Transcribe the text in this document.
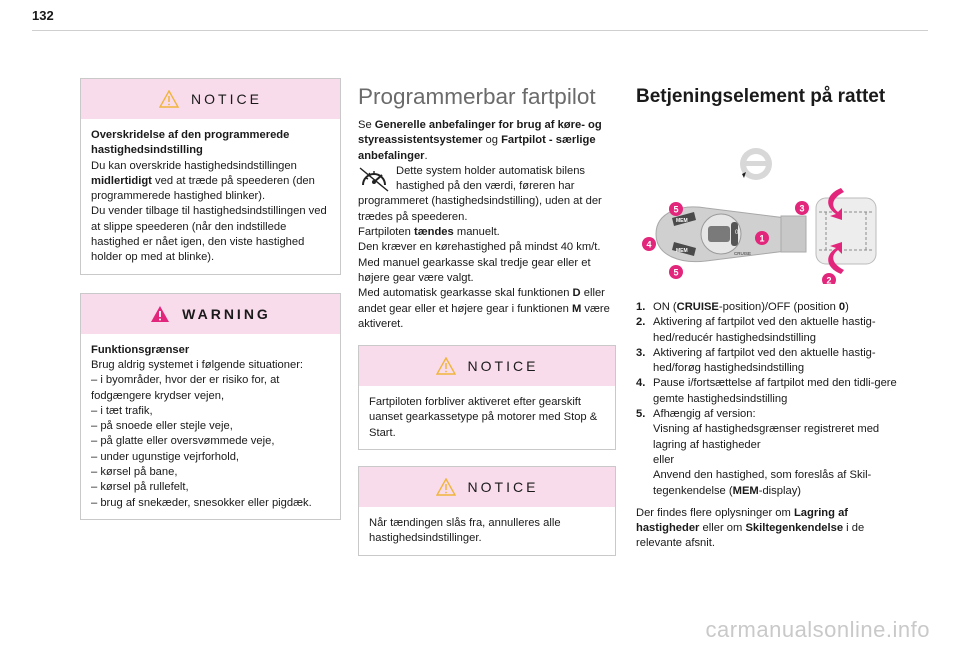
132
NOTICE
Overskridelse af den programmerede hastighedsindstilling
Du kan overskride hastighedsindstillingen midlertidigt ved at træde på speederen (den programmerede hastighed blinker).
Du vender tilbage til hastighedsindstillingen ved at slippe speederen (når den indstillede hastighed er nået igen, den viste hastighed holder op med at blinke).
WARNING
Funktionsgrænser
Brug aldrig systemet i følgende situationer:
– i byområder, hvor der er risiko for, at fodgængere krydser vejen,
– i tæt trafik,
– på snoede eller stejle veje,
– på glatte eller oversvømmede veje,
– under ugunstige vejrforhold,
– kørsel på bane,
– kørsel på rullefelt,
– brug af snekæder, snesokker eller pigdæk.
Programmerbar fartpilot
Se Generelle anbefalinger for brug af køre- og styreassistentsystemer og Fartpilot - særlige anbefalinger.
Dette system holder automatisk bilens hastighed på den værdi, føreren har programmeret (hastighedsindstilling), uden at der trædes på speederen.
Fartpiloten tændes manuelt.
Den kræver en kørehastighed på mindst 40 km/t.
Med manuel gearkasse skal tredje gear eller et højere gear være valgt.
Med automatisk gearkasse skal funktionen D eller andet gear eller et højere gear i funktionen M være aktiveret.
NOTICE
Fartpiloten forbliver aktiveret efter gearskift uanset gearkassetype på motorer med Stop & Start.
NOTICE
Når tændingen slås fra, annulleres alle hastighedsindstillinger.
Betjeningselement på rattet
MEM
MEM	CRUISE
0
1
2
3
4
5
5
1. ON (CRUISE-position)/OFF (position 0)
2. Aktivering af fartpilot ved den aktuelle hastig-hed/reducér hastighedsindstilling
3. Aktivering af fartpilot ved den aktuelle hastig-hed/forøg hastighedsindstilling
4. Pause i/fortsættelse af fartpilot med den tidli-gere gemte hastighedsindstilling
5. Afhængig af version:
Visning af hastighedsgrænser registreret med lagring af hastigheder
eller
Anvend den hastighed, som foreslås af Skil-tegenkendelse (MEM-display)
Der findes flere oplysninger om Lagring af hastigheder eller om Skiltegenkendelse i de relevante afsnit.
carmanualsonline.info
